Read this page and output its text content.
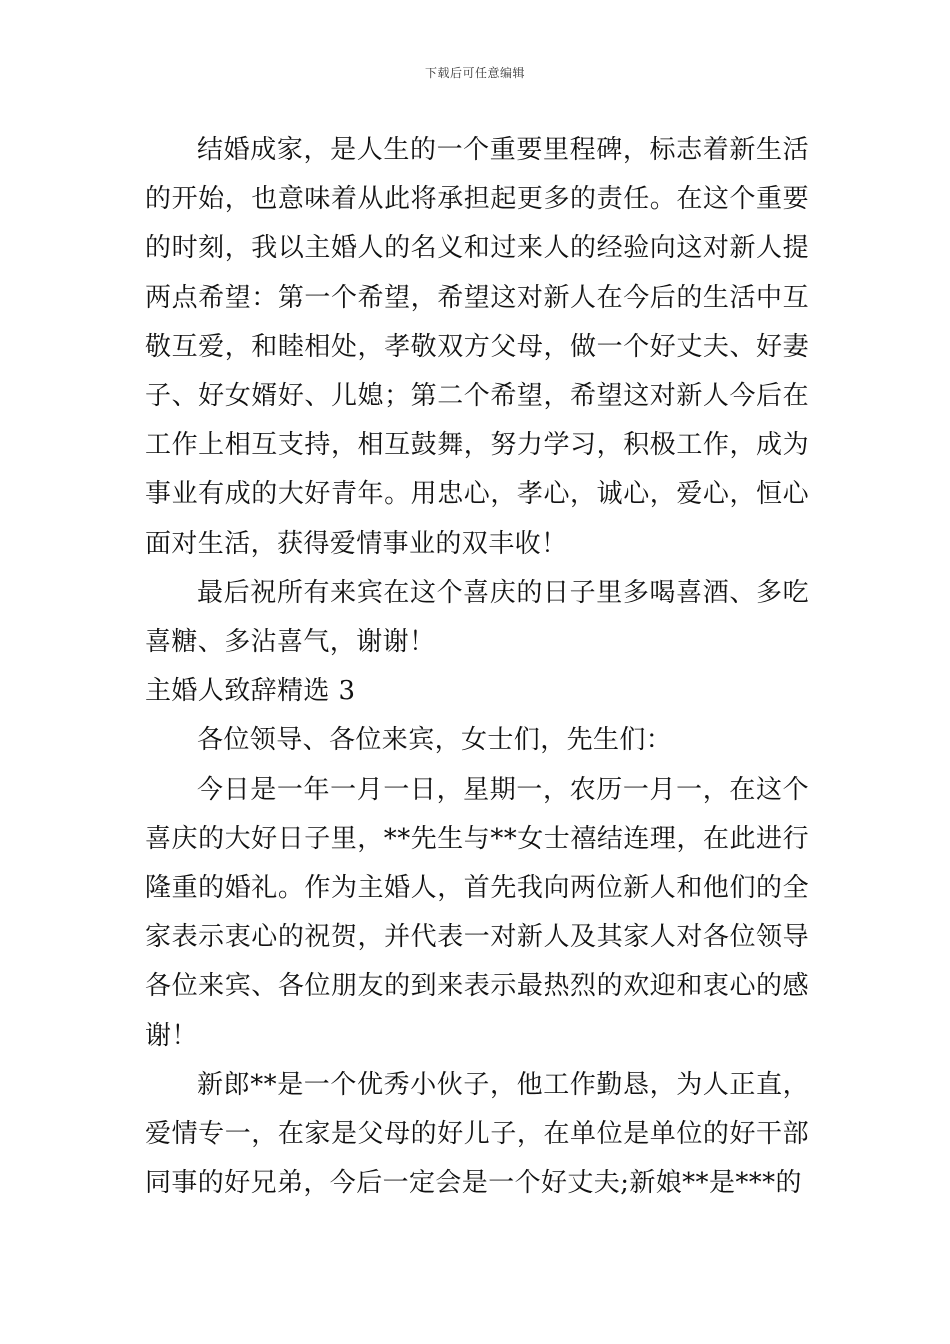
下载后可任意编辑

结婚成家，是人生的一个重要里程碑，标志着新生活的开始，也意味着从此将承担起更多的责任。在这个重要的时刻，我以主婚人的名义和过来人的经验向这对新人提两点希望：第一个希望，希望这对新人在今后的生活中互敬互爱，和睦相处，孝敬双方父母，做一个好丈夫、好妻子、好女婿好、儿媳；第二个希望，希望这对新人今后在工作上相互支持，相互鼓舞，努力学习，积极工作，成为事业有成的大好青年。用忠心，孝心，诚心，爱心，恒心面对生活，获得爱情事业的双丰收！

最后祝所有来宾在这个喜庆的日子里多喝喜酒、多吃喜糖、多沾喜气，谢谢！

主婚人致辞精选 3

各位领导、各位来宾，女士们，先生们：

今日是一年一月一日，星期一，农历一月一，在这个喜庆的大好日子里，**先生与**女士禧结连理，在此进行隆重的婚礼。作为主婚人，首先我向两位新人和他们的全家表示衷心的祝贺，并代表一对新人及其家人对各位领导各位来宾、各位朋友的到来表示最热烈的欢迎和衷心的感谢！

新郎**是一个优秀小伙子，他工作勤恳，为人正直，爱情专一，在家是父母的好儿子，在单位是单位的好干部同事的好兄弟，今后一定会是一个好丈夫;新娘**是***的
